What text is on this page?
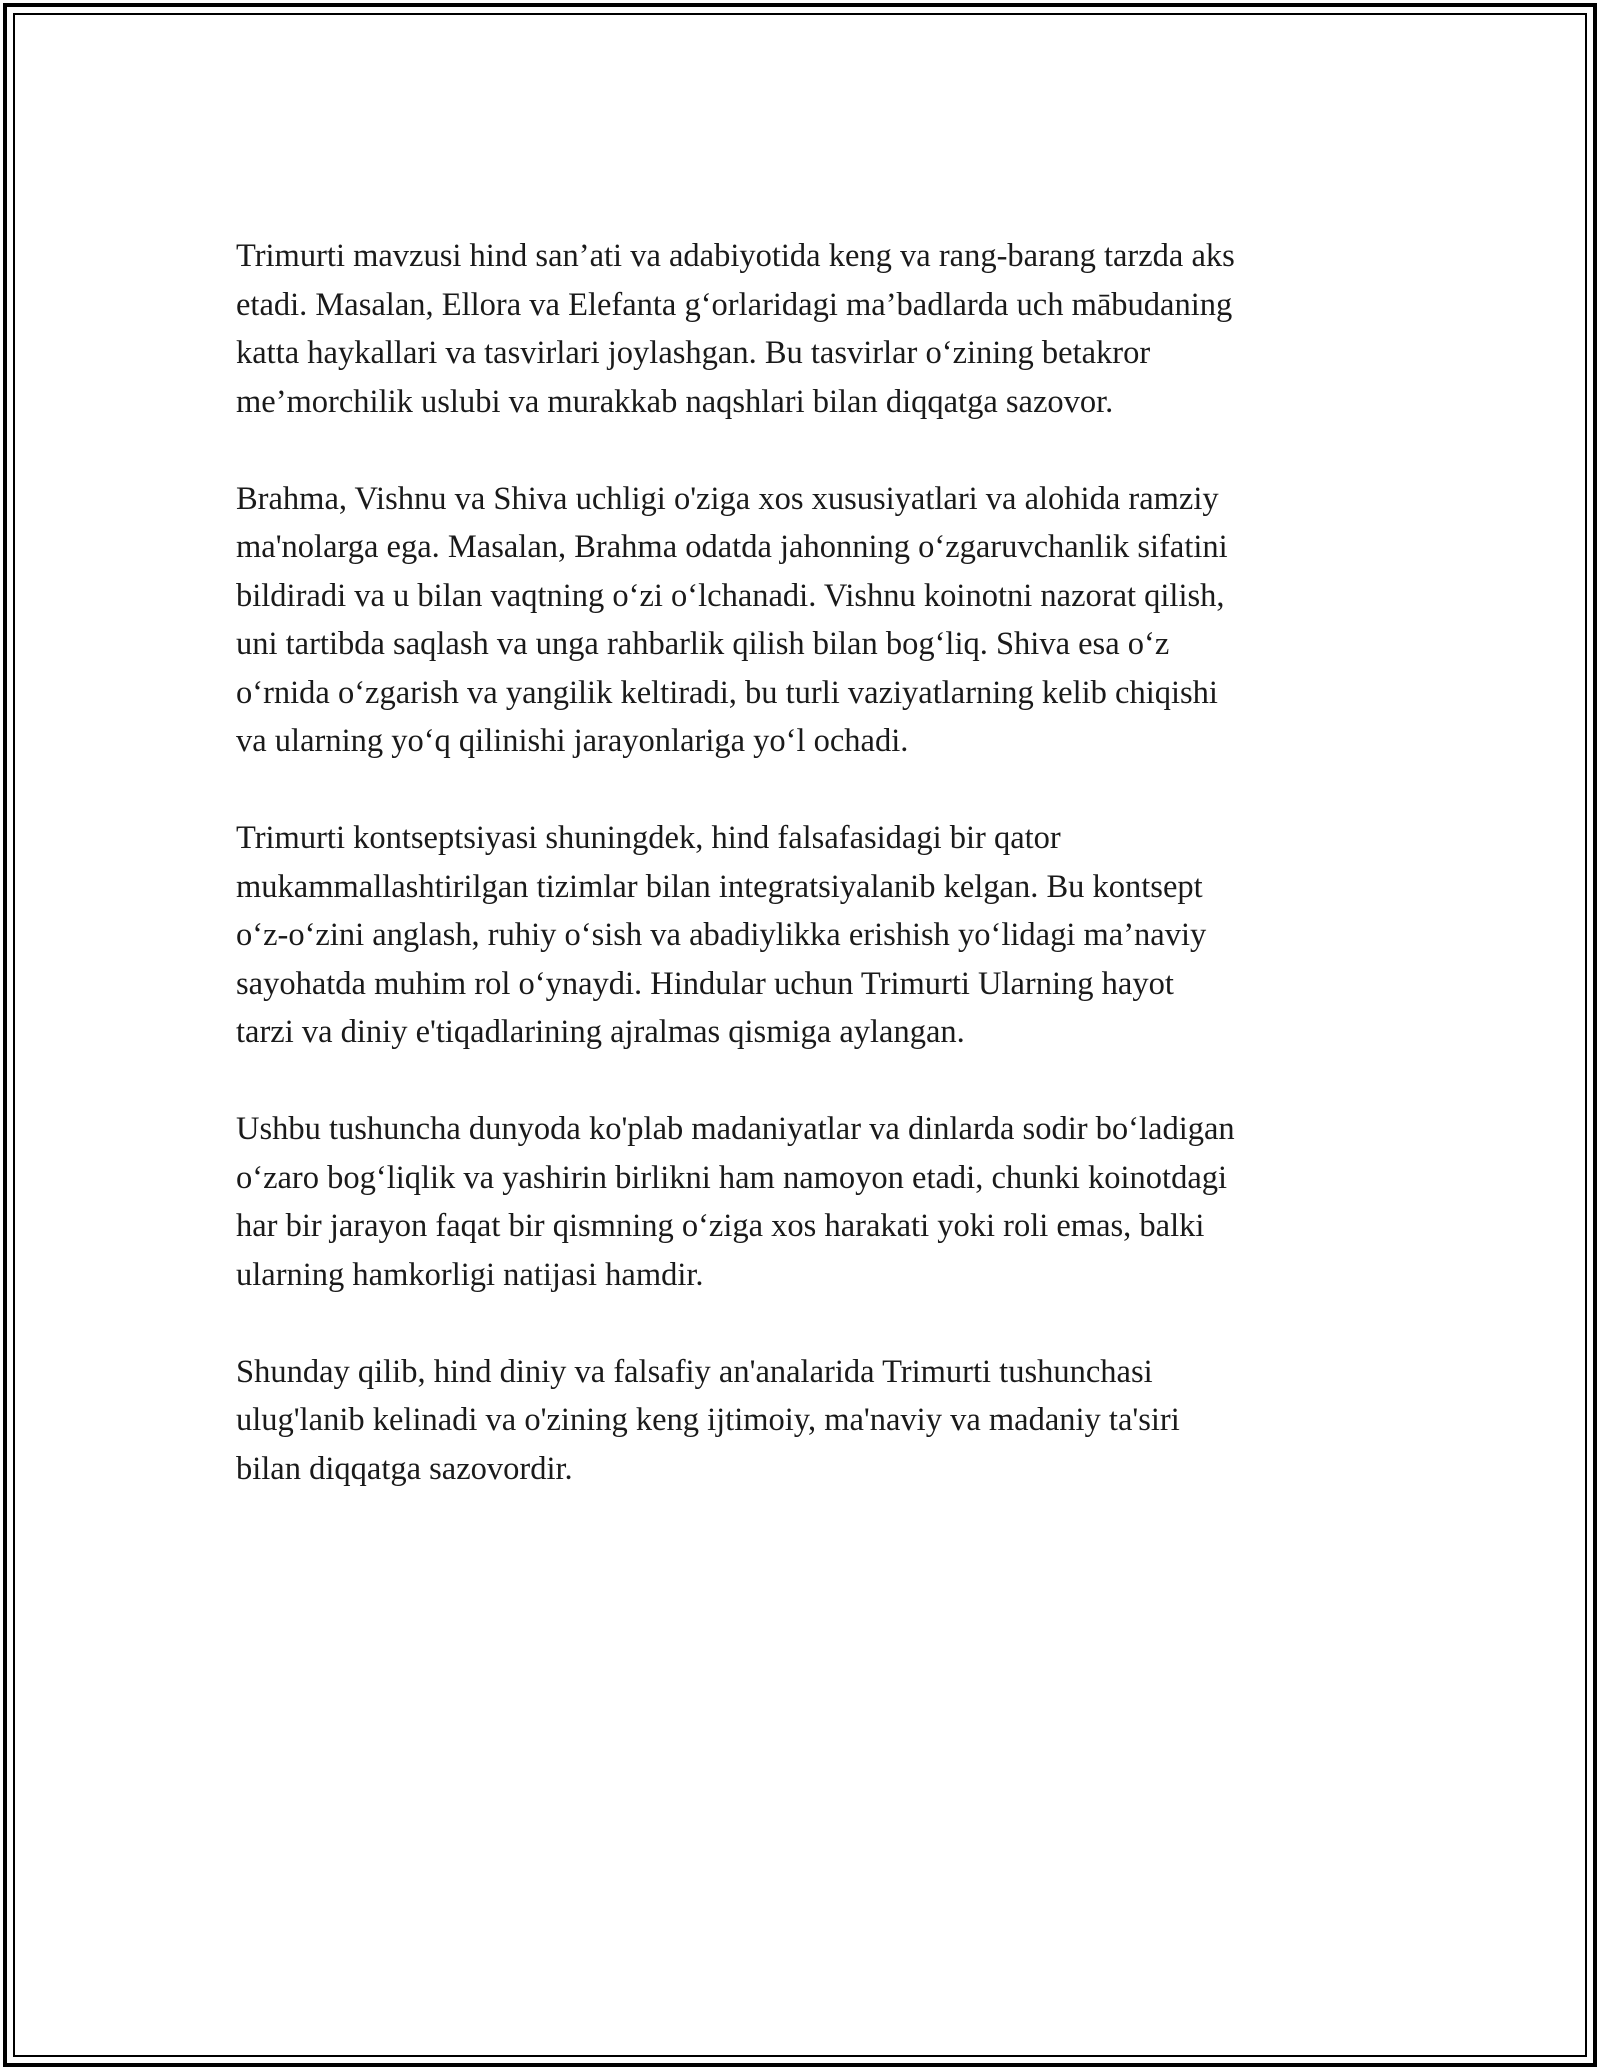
Trimurti mavzusi hind san’ati va adabiyotida keng va rang-barang tarzda aks
etadi. Masalan, Ellora va Elefanta g‘orlaridagi ma’badlarda uch mābudaning
katta haykallari va tasvirlari joylashgan. Bu tasvirlar o‘zining betakror
me’morchilik uslubi va murakkab naqshlari bilan diqqatga sazovor.

Brahma, Vishnu va Shiva uchligi o'ziga xos xususiyatlari va alohida ramziy
ma'nolarga ega. Masalan, Brahma odatda jahonning o‘zgaruvchanlik sifatini
bildiradi va u bilan vaqtning o‘zi o‘lchanadi. Vishnu koinotni nazorat qilish,
uni tartibda saqlash va unga rahbarlik qilish bilan bog‘liq. Shiva esa o‘z
o‘rnida o‘zgarish va yangilik keltiradi, bu turli vaziyatlarning kelib chiqishi
va ularning yo‘q qilinishi jarayonlariga yo‘l ochadi.

Trimurti kontseptsiyasi shuningdek, hind falsafasidagi bir qator
mukammallashtirilgan tizimlar bilan integratsiyalanib kelgan. Bu kontsept
o‘z-o‘zini anglash, ruhiy o‘sish va abadiylikka erishish yo‘lidagi ma’naviy
sayohatda muhim rol o‘ynaydi. Hindular uchun Trimurti Ularning hayot
tarzi va diniy e'tiqadlarining ajralmas qismiga aylangan.

Ushbu tushuncha dunyoda ko'plab madaniyatlar va dinlarda sodir bo‘ladigan
o‘zaro bog‘liqlik va yashirin birlikni ham namoyon etadi, chunki koinotdagi
har bir jarayon faqat bir qismning o‘ziga xos harakati yoki roli emas, balki
ularning hamkorligi natijasi hamdir.

Shunday qilib, hind diniy va falsafiy an'analarida Trimurti tushunchasi
ulug'lanib kelinadi va o'zining keng ijtimoiy, ma'naviy va madaniy ta'siri
bilan diqqatga sazovordir.
